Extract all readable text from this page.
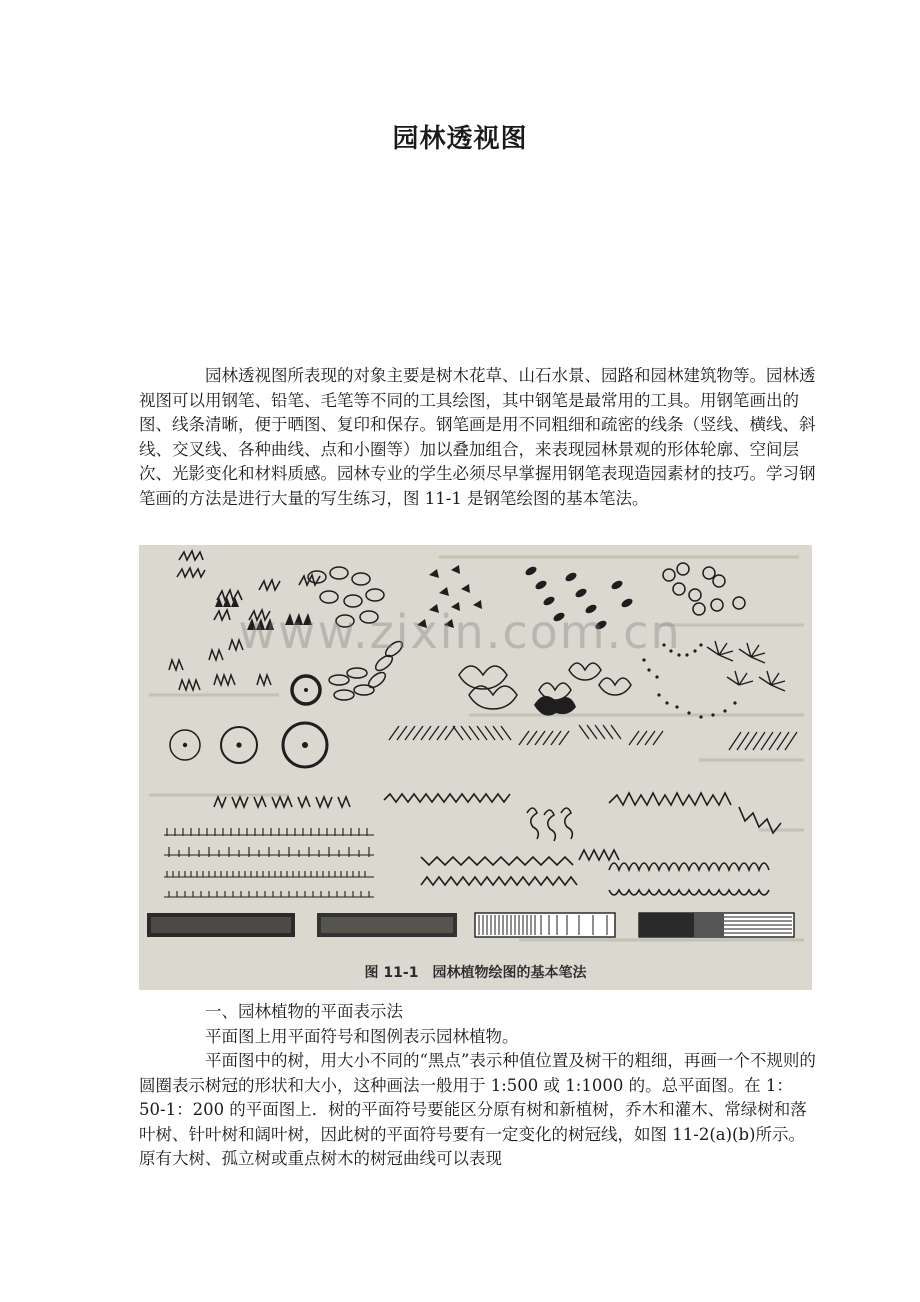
园林透视图
园林透视图所表现的对象主要是树木花草、山石水景、园路和园林建筑物等。园林透视图可以用钢笔、铅笔、毛笔等不同的工具绘图，其中钢笔是最常用的工具。用钢笔画出的图、线条清晰，便于晒图、复印和保存。钢笔画是用不同粗细和疏密的线条（竖线、横线、斜线、交叉线、各种曲线、点和小圈等）加以叠加组合，来表现园林景观的形体轮廓、空间层次、光影变化和材料质感。园林专业的学生必须尽早掌握用钢笔表现造园素材的技巧。学习钢笔画的方法是进行大量的写生练习，图 11-1 是钢笔绘图的基本笔法。
图 11-1　园林植物绘图的基本笔法
www.zixin.com.cn

一、园林植物的平面表示法

平面图上用平面符号和图例表示园林植物。

平面图中的树，用大小不同的“黑点”表示种值位置及树干的粗细，再画一个不规则的圆圈表示树冠的形状和大小，这种画法一般用于 1:500 或 1:1000 的。总平面图。在 1：50-1：200 的平面图上．树的平面符号要能区分原有树和新植树，乔木和灌木、常绿树和落叶树、针叶树和阔叶树，因此树的平面符号要有一定变化的树冠线，如图 11-2(a)(b)所示。原有大树、孤立树或重点树木的树冠曲线可以表现
